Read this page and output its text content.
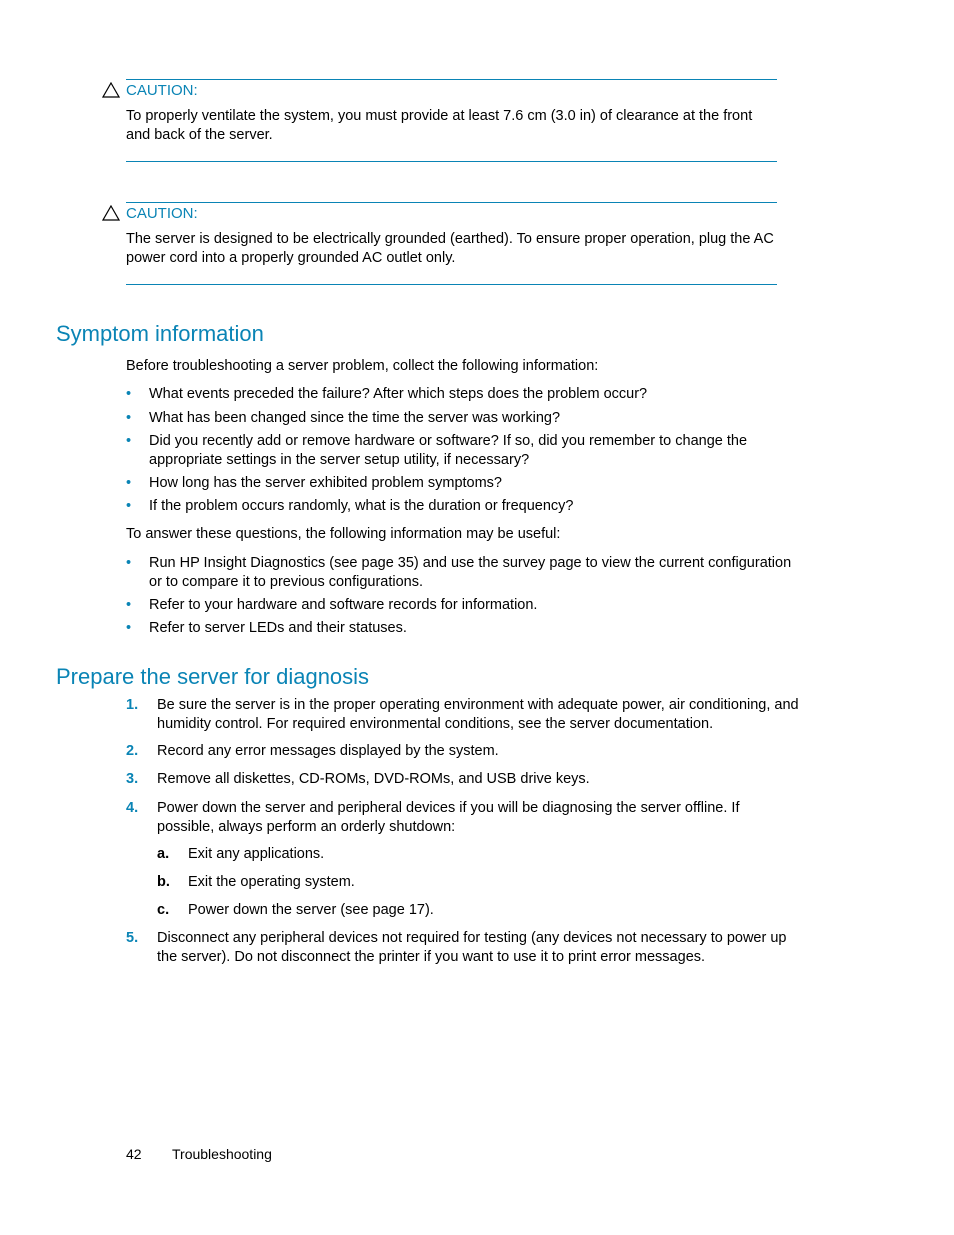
CAUTION:
To properly ventilate the system, you must provide at least 7.6 cm (3.0 in) of clearance at the front and back of the server.
CAUTION:
The server is designed to be electrically grounded (earthed). To ensure proper operation, plug the AC power cord into a properly grounded AC outlet only.
Symptom information
Before troubleshooting a server problem, collect the following information:
• What events preceded the failure? After which steps does the problem occur?
• What has been changed since the time the server was working?
• Did you recently add or remove hardware or software? If so, did you remember to change the appropriate settings in the server setup utility, if necessary?
• How long has the server exhibited problem symptoms?
• If the problem occurs randomly, what is the duration or frequency?
To answer these questions, the following information may be useful:
• Run HP Insight Diagnostics (see page 35) and use the survey page to view the current configuration or to compare it to previous configurations.
• Refer to your hardware and software records for information.
• Refer to server LEDs and their statuses.
Prepare the server for diagnosis
1. Be sure the server is in the proper operating environment with adequate power, air conditioning, and humidity control. For required environmental conditions, see the server documentation.
2. Record any error messages displayed by the system.
3. Remove all diskettes, CD-ROMs, DVD-ROMs, and USB drive keys.
4. Power down the server and peripheral devices if you will be diagnosing the server offline. If possible, always perform an orderly shutdown:
a. Exit any applications.
b. Exit the operating system.
c. Power down the server (see page 17).
5. Disconnect any peripheral devices not required for testing (any devices not necessary to power up the server). Do not disconnect the printer if you want to use it to print error messages.
42 Troubleshooting
